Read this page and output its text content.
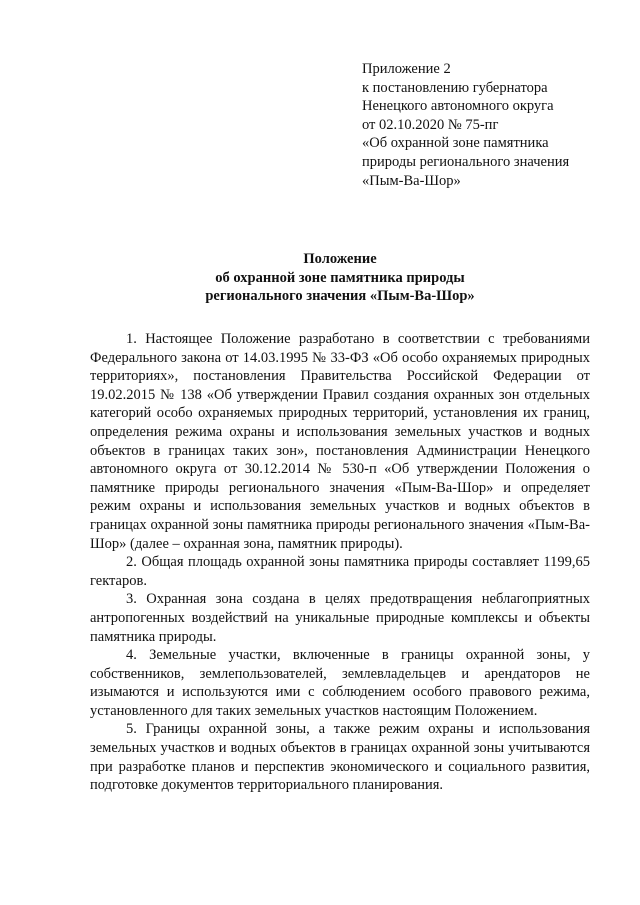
Приложение 2
к постановлению губернатора
Ненецкого автономного округа
от 02.10.2020 № 75-пг
«Об охранной зоне памятника
природы регионального значения
«Пым-Ва-Шор»
Положение
об охранной зоне памятника природы
регионального значения «Пым-Ва-Шор»

1. Настоящее Положение разработано в соответствии с требованиями Федерального закона от 14.03.1995 № 33-ФЗ «Об особо охраняемых природных территориях», постановления Правительства Российской Федерации от 19.02.2015 № 138 «Об утверждении Правил создания охранных зон отдельных категорий особо охраняемых природных территорий, установления их границ, определения режима охраны и использования земельных участков и водных объектов в границах таких зон», постановления Администрации Ненецкого автономного округа от 30.12.2014 № 530-п «Об утверждении Положения о памятнике природы регионального значения «Пым-Ва-Шор» и определяет режим охраны и использования земельных участков и водных объектов в границах охранной зоны памятника природы регионального значения «Пым-Ва-Шор» (далее – охранная зона, памятник природы).

2. Общая площадь охранной зоны памятника природы составляет 1199,65 гектаров.

3. Охранная зона создана в целях предотвращения неблагоприятных антропогенных воздействий на уникальные природные комплексы и объекты памятника природы.

4. Земельные участки, включенные в границы охранной зоны, у собственников, землепользователей, землевладельцев и арендаторов не изымаются и используются ими с соблюдением особого правового режима, установленного для таких земельных участков настоящим Положением.

5. Границы охранной зоны, а также режим охраны и использования земельных участков и водных объектов в границах охранной зоны учитываются при разработке планов и перспектив экономического и социального развития, подготовке документов территориального планирования.
